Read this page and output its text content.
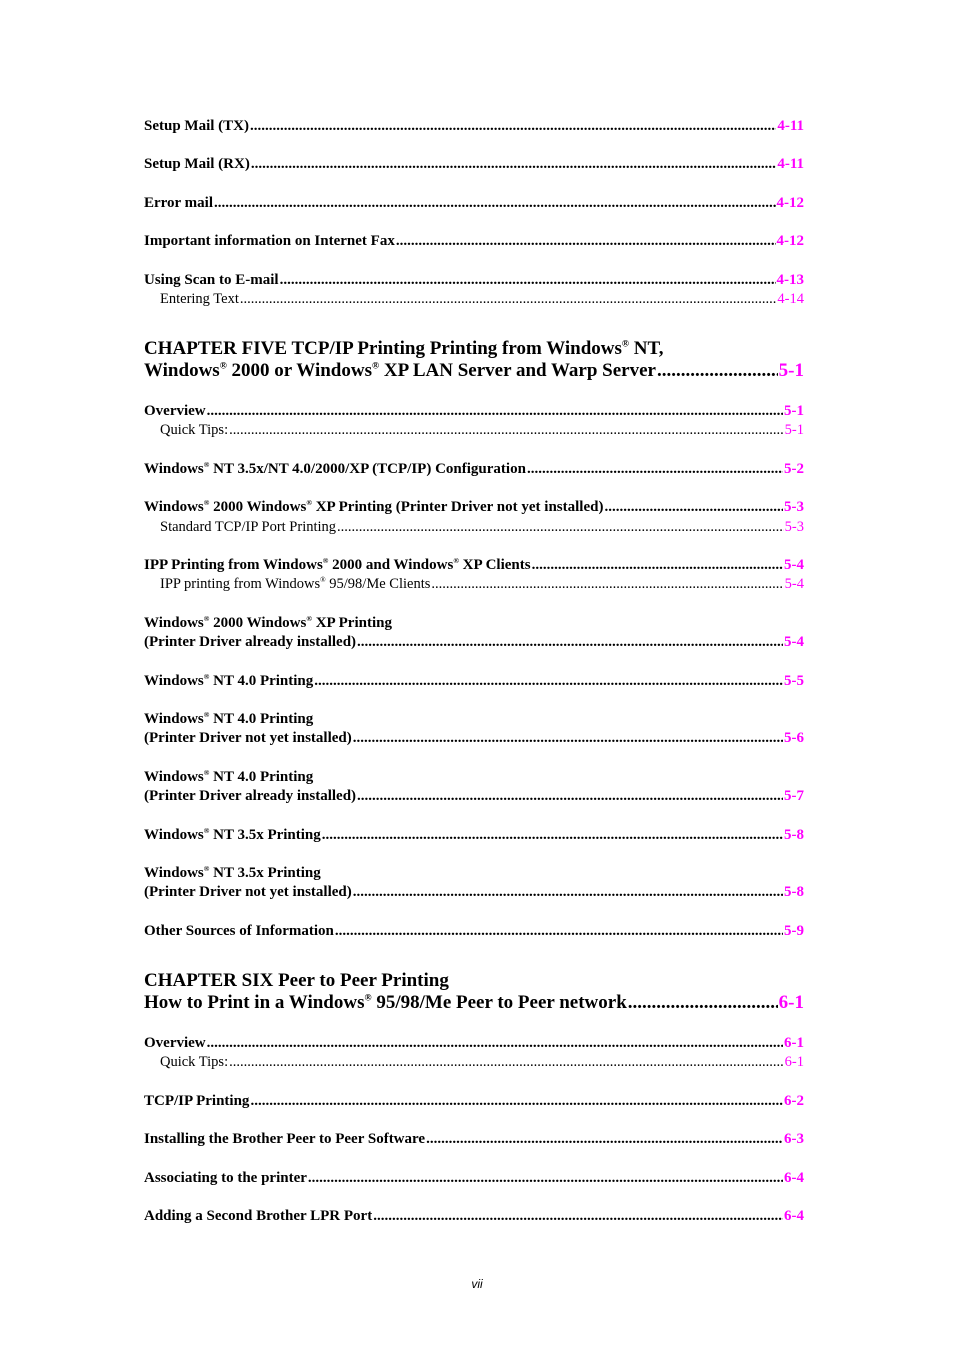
Setup Mail (TX) .....	4-11
Setup Mail (RX) .....	4-11
Error mail .....	4-12
Important information on Internet Fax .....	4-12
Using Scan to E-mail .....	4-13
Entering Text .....	4-14
CHAPTER FIVE TCP/IP Printing Printing from Windows® NT,
Windows® 2000 or Windows® XP LAN Server and Warp Server .....	5-1
Overview .....	5-1
Quick Tips: .....	5-1
Windows® NT 3.5x/NT 4.0/2000/XP (TCP/IP) Configuration .....	5-2
Windows® 2000 Windows® XP Printing (Printer Driver not yet installed) .....	5-3
Standard TCP/IP Port Printing .....	5-3
IPP Printing from Windows® 2000 and Windows® XP Clients .....	5-4
IPP printing from Windows® 95/98/Me Clients .....	5-4
Windows® 2000 Windows® XP Printing
(Printer Driver already installed) .....	5-4
Windows® NT 4.0 Printing .....	5-5
Windows® NT 4.0 Printing
(Printer Driver not yet installed) .....	5-6
Windows® NT 4.0 Printing
(Printer Driver already installed) .....	5-7
Windows® NT 3.5x Printing .....	5-8
Windows® NT 3.5x Printing
(Printer Driver not yet installed) .....	5-8
Other Sources of Information .....	5-9
CHAPTER SIX Peer to Peer Printing
How to Print in a Windows® 95/98/Me Peer to Peer network .....	6-1
Overview .....	6-1
Quick Tips: .....	6-1
TCP/IP Printing .....	6-2
Installing the Brother Peer to Peer Software .....	6-3
Associating to the printer .....	6-4
Adding a Second Brother LPR Port .....	6-4
vii
